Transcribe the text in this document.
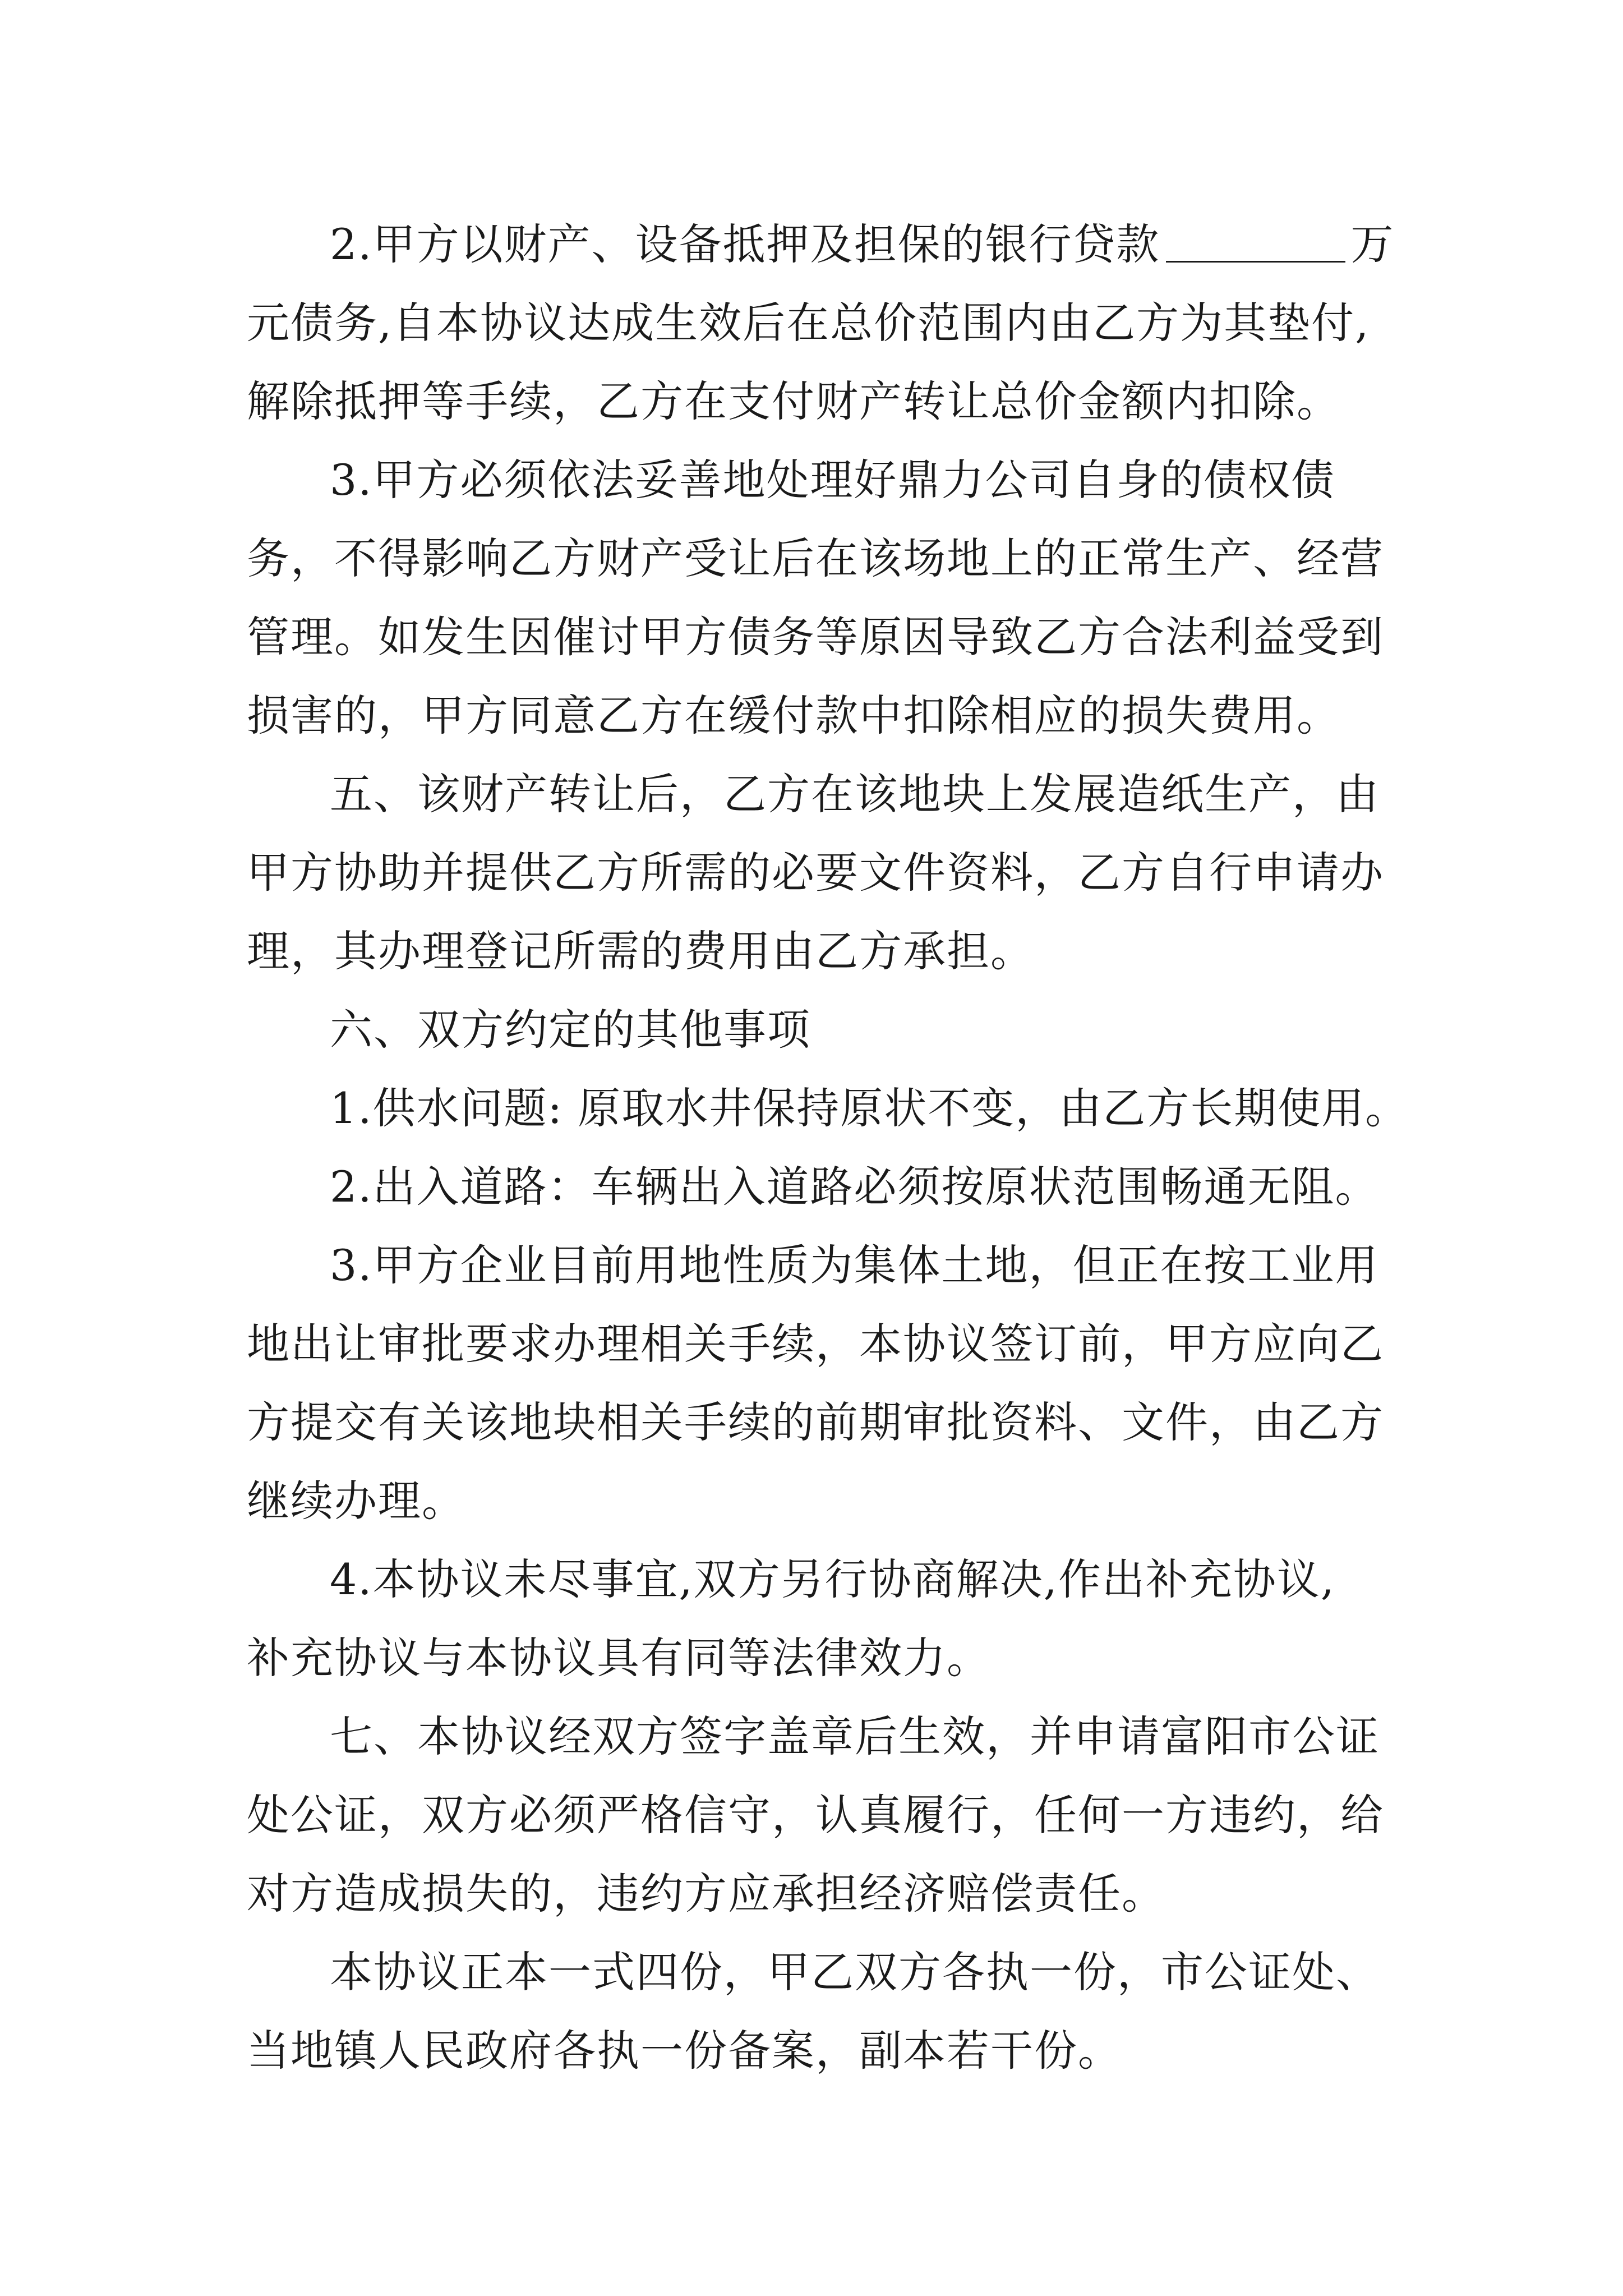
2.甲方以财产、设备抵押及担保的银行贷款	万
元债务,自本协议达成生效后在总价范围内由乙方为其垫付,
解除抵押等手续，乙方在支付财产转让总价金额内扣除。
3.甲方必须依法妥善地处理好鼎力公司自身的债权债
务，不得影响乙方财产受让后在该场地上的正常生产、经营
管理。如发生因催讨甲方债务等原因导致乙方合法利益受到
损害的，甲方同意乙方在缓付款中扣除相应的损失费用。
五、该财产转让后，乙方在该地块上发展造纸生产，由
甲方协助并提供乙方所需的必要文件资料，乙方自行申请办
理，其办理登记所需的费用由乙方承担。
六、双方约定的其他事项
1.供水问题: 原取水井保持原状不变，由乙方长期使用。
2.出入道路：车辆出入道路必须按原状范围畅通无阻。
3.甲方企业目前用地性质为集体土地，但正在按工业用
地出让审批要求办理相关手续，本协议签订前，甲方应向乙
方提交有关该地块相关手续的前期审批资料、文件，由乙方
继续办理。
4.本协议未尽事宜,双方另行协商解决,作出补充协议,
补充协议与本协议具有同等法律效力。
七、本协议经双方签字盖章后生效，并申请富阳市公证
处公证，双方必须严格信守，认真履行，任何一方违约，给
对方造成损失的，违约方应承担经济赔偿责任。
本协议正本一式四份，甲乙双方各执一份，市公证处、
当地镇人民政府各执一份备案，副本若干份。
